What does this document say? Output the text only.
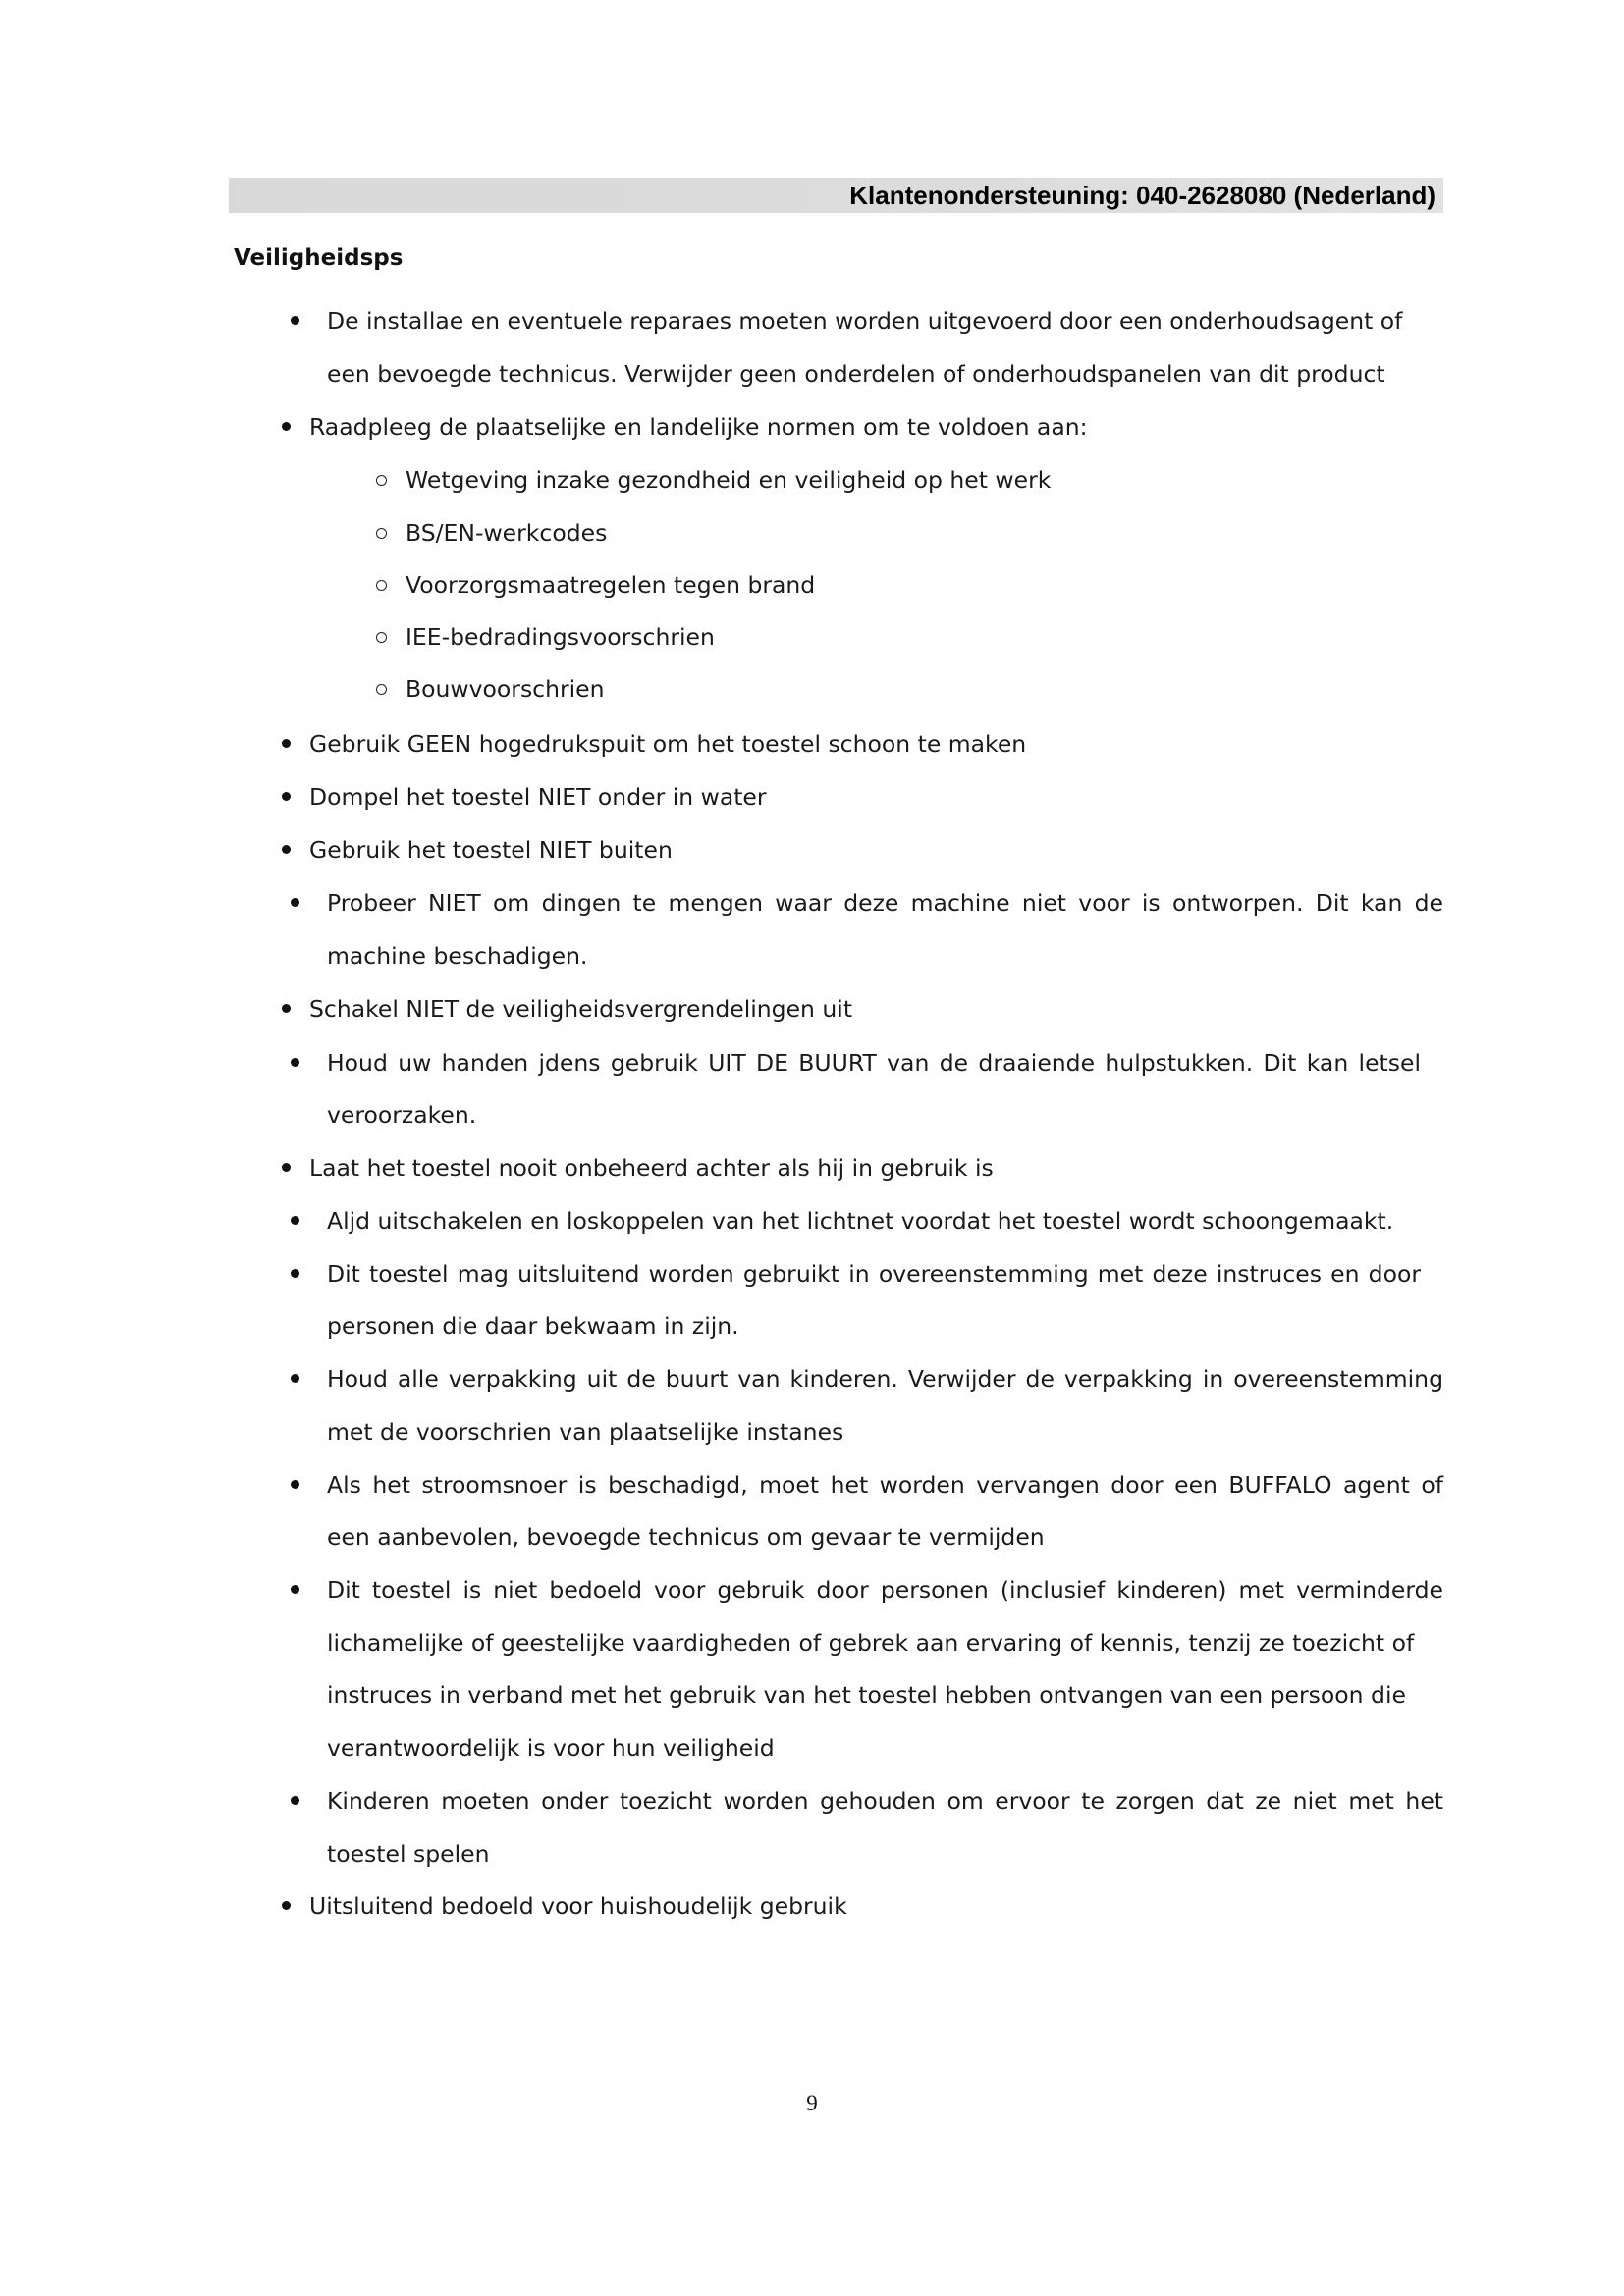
Klantenondersteuning: 040-2628080 (Nederland)
Veiligheidsps
De installae en eventuele reparaes moeten worden uitgevoerd door een onderhoudsagent of
een bevoegde technicus. Verwijder geen onderdelen of onderhoudspanelen van dit product
Raadpleeg de plaatselijke en landelijke normen om te voldoen aan:
Wetgeving inzake gezondheid en veiligheid op het werk
BS/EN-werkcodes
Voorzorgsmaatregelen tegen brand
IEE-bedradingsvoorschrien
Bouwvoorschrien
Gebruik GEEN hogedrukspuit om het toestel schoon te maken
Dompel het toestel NIET onder in water
Gebruik het toestel NIET buiten
Probeer NIET om dingen te mengen waar deze machine niet voor is ontworpen. Dit kan de
machine beschadigen.
Schakel NIET de veiligheidsvergrendelingen uit
Houd uw handen jdens gebruik UIT DE BUURT van de draaiende hulpstukken. Dit kan letsel
veroorzaken.
Laat het toestel nooit onbeheerd achter als hij in gebruik is
Aljd uitschakelen en loskoppelen van het lichtnet voordat het toestel wordt schoongemaakt.
Dit toestel mag uitsluitend worden gebruikt in overeenstemming met deze instruces en door
personen die daar bekwaam in zijn.
Houd alle verpakking uit de buurt van kinderen. Verwijder de verpakking in overeenstemming
met de voorschrien van plaatselijke instanes
Als het stroomsnoer is beschadigd, moet het worden vervangen door een BUFFALO agent of
een aanbevolen, bevoegde technicus om gevaar te vermijden
Dit toestel is niet bedoeld voor gebruik door personen (inclusief kinderen) met verminderde
lichamelijke of geestelijke vaardigheden of gebrek aan ervaring of kennis, tenzij ze toezicht of
instruces in verband met het gebruik van het toestel hebben ontvangen van een persoon die
verantwoordelijk is voor hun veiligheid
Kinderen moeten onder toezicht worden gehouden om ervoor te zorgen dat ze niet met het
toestel spelen
Uitsluitend bedoeld voor huishoudelijk gebruik
9
